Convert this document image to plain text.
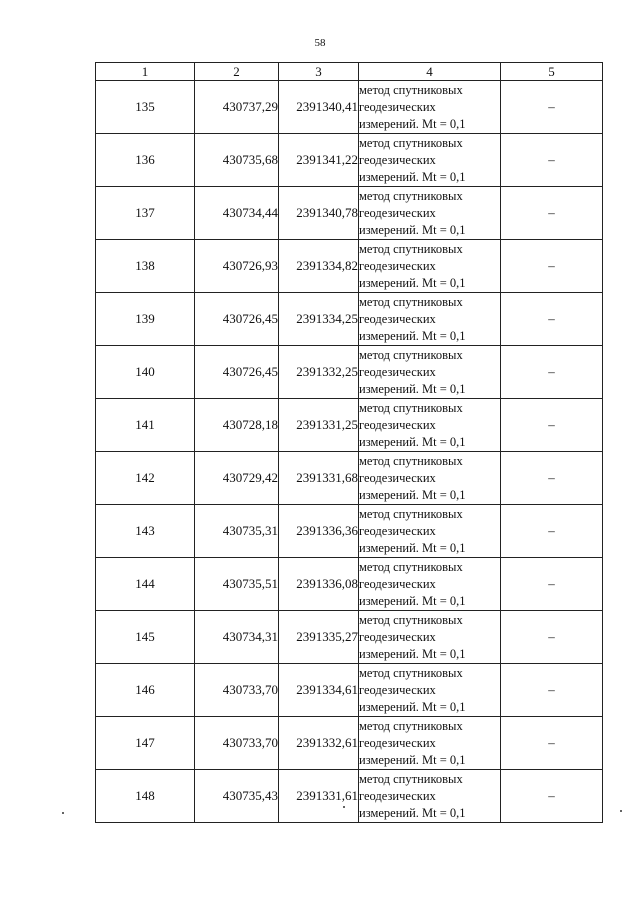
58
1	2	3	4	5
135	430737,29	2391340,41	метод спутниковых
геодезических
измерений. Mt = 0,1	–
136	430735,68	2391341,22	метод спутниковых
геодезических
измерений. Mt = 0,1	–
137	430734,44	2391340,78	метод спутниковых
геодезических
измерений. Mt = 0,1	–
138	430726,93	2391334,82	метод спутниковых
геодезических
измерений. Mt = 0,1	–
139	430726,45	2391334,25	метод спутниковых
геодезических
измерений. Mt = 0,1	–
140	430726,45	2391332,25	метод спутниковых
геодезических
измерений. Mt = 0,1	–
141	430728,18	2391331,25	метод спутниковых
геодезических
измерений. Mt = 0,1	–
142	430729,42	2391331,68	метод спутниковых
геодезических
измерений. Mt = 0,1	–
143	430735,31	2391336,36	метод спутниковых
геодезических
измерений. Mt = 0,1	–
144	430735,51	2391336,08	метод спутниковых
геодезических
измерений. Mt = 0,1	–
145	430734,31	2391335,27	метод спутниковых
геодезических
измерений. Mt = 0,1	–
146	430733,70	2391334,61	метод спутниковых
геодезических
измерений. Mt = 0,1	–
147	430733,70	2391332,61	метод спутниковых
геодезических
измерений. Mt = 0,1	–
148	430735,43	2391331,61	метод спутниковых
геодезических
измерений. Mt = 0,1	–
